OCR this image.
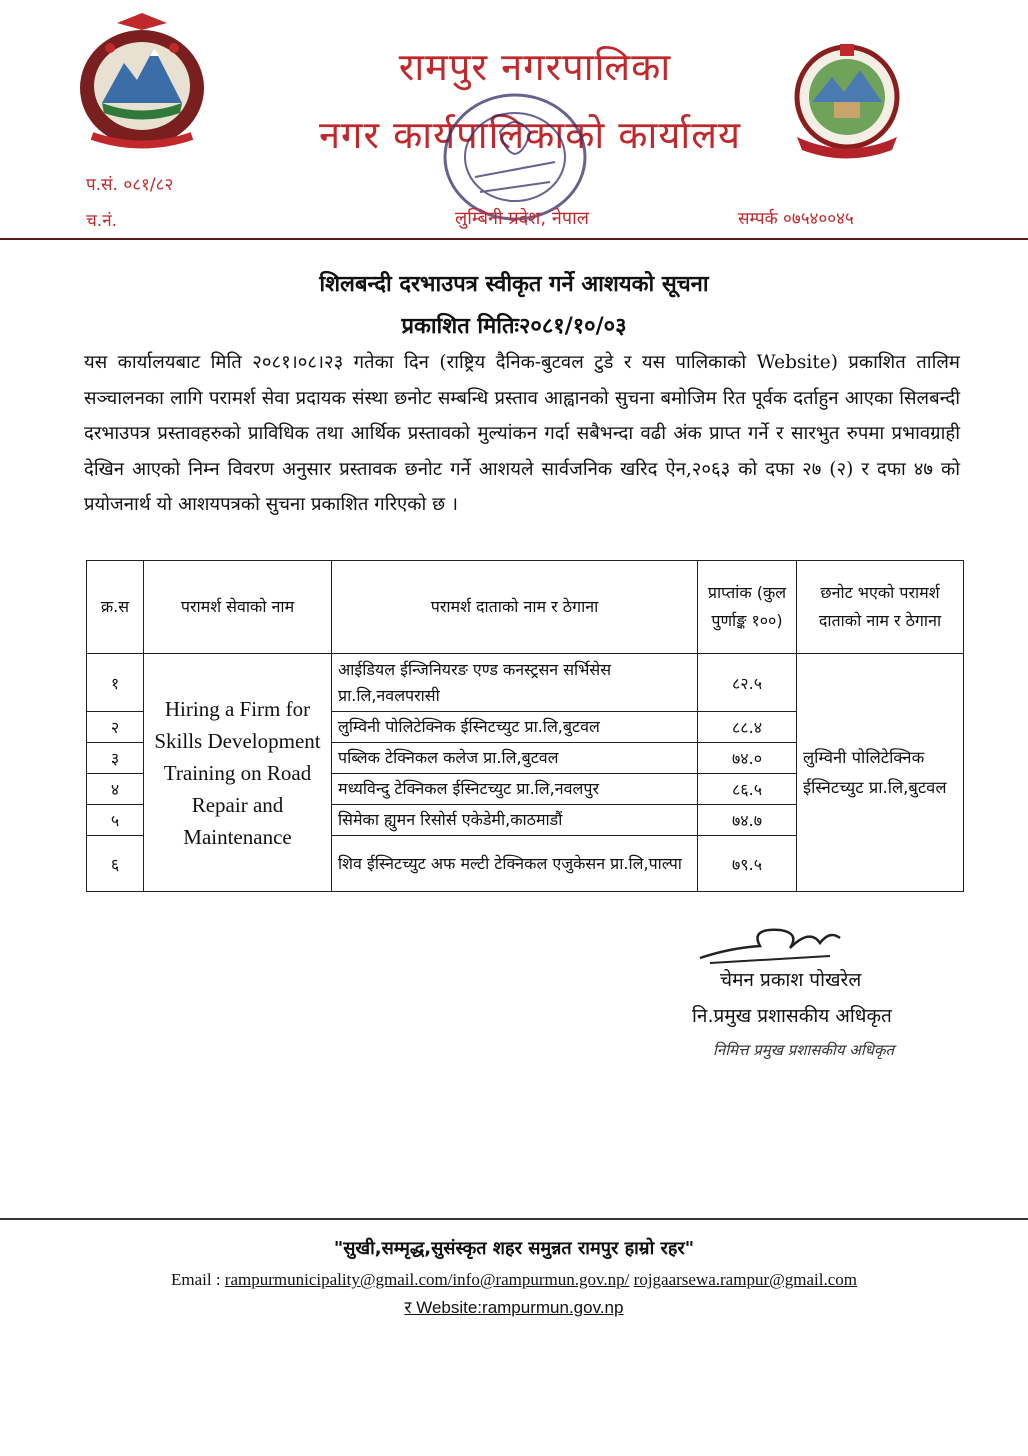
रामपुर नगरपालिका
नगर कार्यपालिकाको कार्यालय
प.सं. ०८१/८२
च.नं.	लुम्बिनी प्रदेश, नेपाल	सम्पर्क ०७५४००४५
शिलबन्दी दरभाउपत्र स्वीकृत गर्ने आशयको सूचना
प्रकाशित मितिः२०८१/१०/०३
यस कार्यालयबाट मिति २०८१।०८।२३ गतेका दिन (राष्ट्रिय दैनिक-बुटवल टुडे र यस पालिकाको Website) प्रकाशित तालिम सञ्चालनका लागि परामर्श सेवा प्रदायक संस्था छनोट सम्बन्धि प्रस्ताव आह्वानको सुचना बमोजिम रित पूर्वक दर्ताहुन आएका सिलबन्दी दरभाउपत्र प्रस्तावहरुको प्राविधिक तथा आर्थिक प्रस्तावको मुल्यांकन गर्दा सबैभन्दा वढी अंक प्राप्त गर्ने र सारभुत रुपमा प्रभावग्राही देखिन आएको निम्न विवरण अनुसार प्रस्तावक छनोट गर्ने आशयले सार्वजनिक खरिद ऐन,२०६३ को दफा २७ (२) र दफा ४७ को प्रयोजनार्थ यो आशयपत्रको सुचना प्रकाशित गरिएको छ ।
क्र.स	परामर्श सेवाको नाम	परामर्श दाताको नाम र ठेगाना	प्राप्तांक (कुल पुर्णाङ्क १००)	छनोट भएको परामर्श दाताको नाम र ठेगाना
१	Hiring a Firm for Skills Development Training on Road Repair and Maintenance	आईडियल ईन्जिनियरङ एण्ड कनस्ट्रसन सर्भिसेस प्रा.लि,नवलपरासी	८२.५	लुम्विनी पोलिटेक्निक ईस्निटच्युट प्रा.लि,बुटवल
२		लुम्विनी पोलिटेक्निक ईस्निटच्युट प्रा.लि,बुटवल	८८.४	
३		पब्लिक टेक्निकल कलेज प्रा.लि,बुटवल	७४.०	
४		मध्यविन्दु टेक्निकल ईस्निटच्युट प्रा.लि,नवलपुर	८६.५	
५		सिमेका ह्युमन रिसोर्स एकेडेमी,काठमाडौं	७४.७	
६		शिव ईस्निटच्युट अफ मल्टी टेक्निकल एजुकेसन प्रा.लि,पाल्पा	७९.५	
चेमन प्रकाश पोखरेल
नि.प्रमुख प्रशासकीय अधिकृत
निमित्त प्रमुख प्रशासकीय अधिकृत
"सुखी,सम्मृद्ध,सुसंस्कृत शहर समुन्नत रामपुर हाम्रो रहर"
Email : rampurmunicipality@gmail.com/info@rampurmun.gov.np/ rojgaarsewa.rampur@gmail.com
र Website:rampurmun.gov.np
